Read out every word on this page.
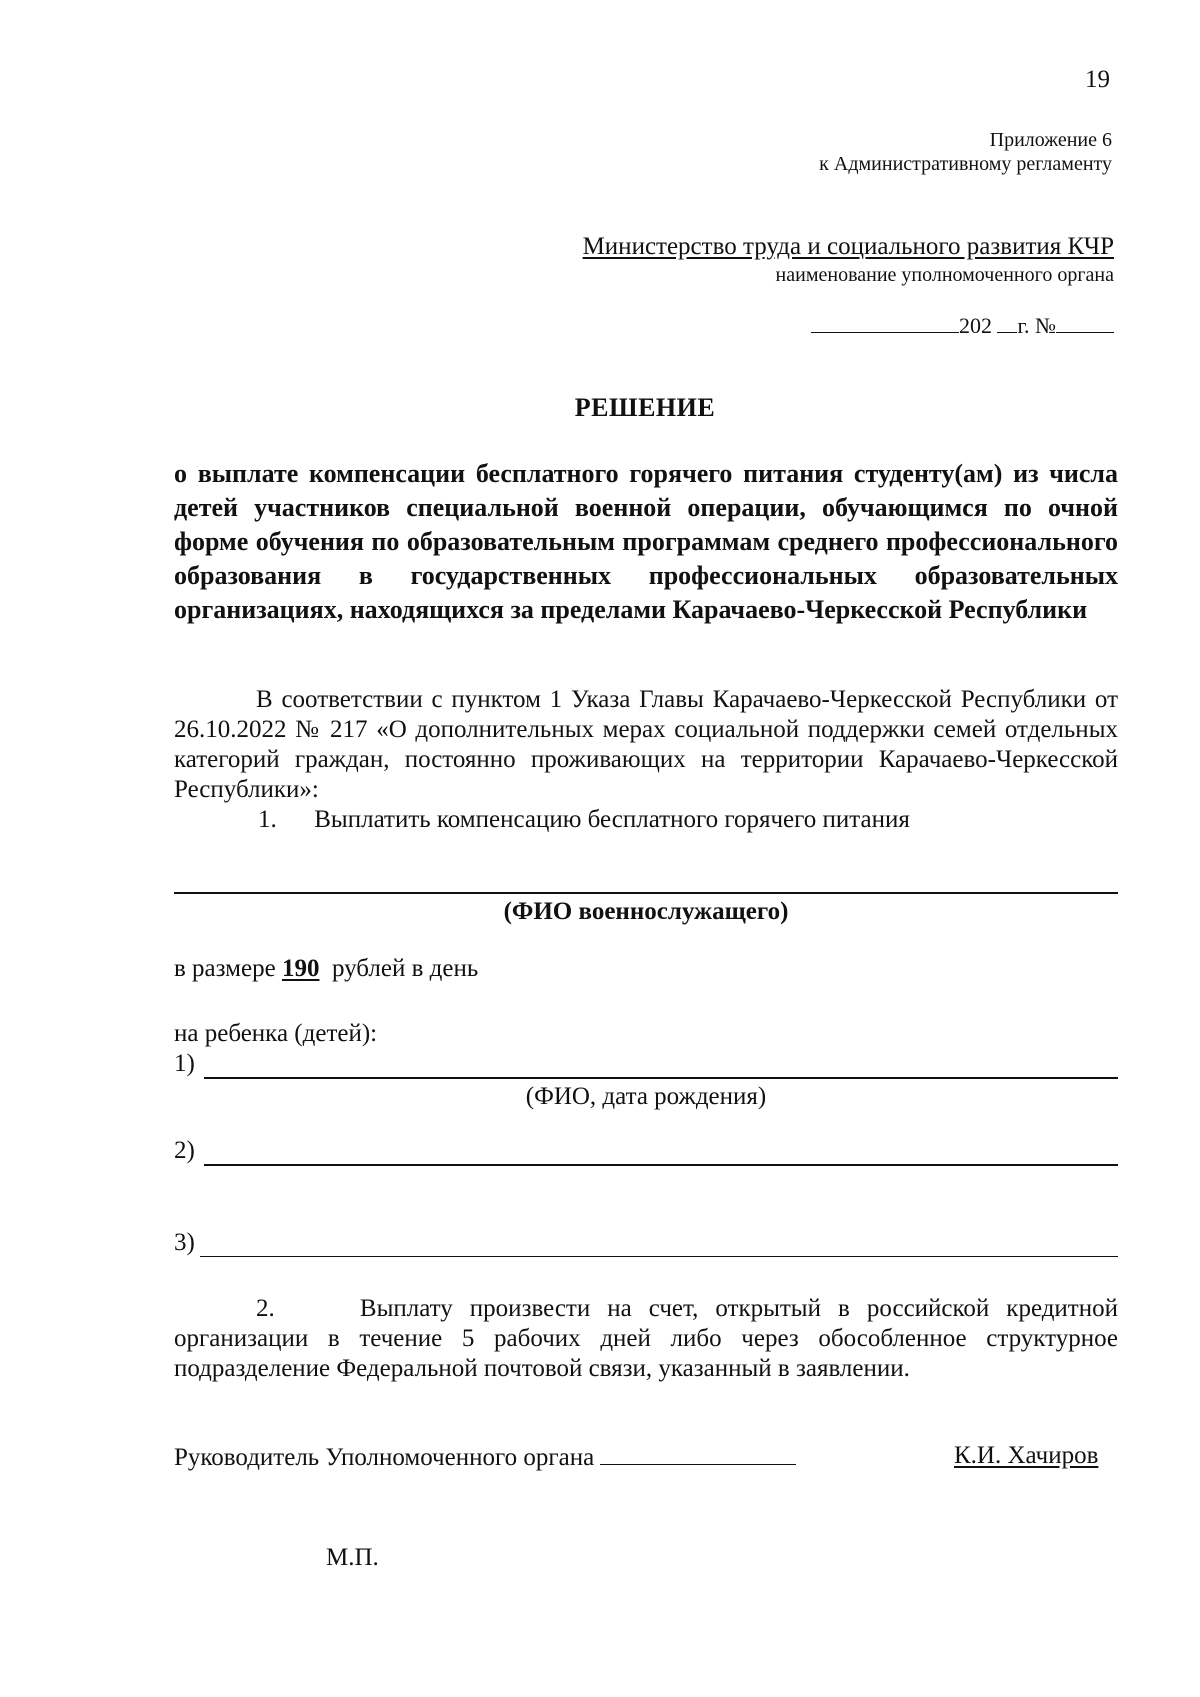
19
Приложение 6
к Административному регламенту
Министерство труда и социального развития КЧР
наименование уполномоченного органа
202 г. №
РЕШЕНИЕ
о выплате компенсации бесплатного горячего питания студенту(ам) из числа детей участников специальной военной операции, обучающимся по очной форме обучения по образовательным программам среднего профессионального образования в государственных профессиональных образовательных организациях, находящихся за пределами Карачаево-Черкесской Республики
В соответствии с пунктом 1 Указа Главы Карачаево-Черкесской Республики от 26.10.2022 № 217 «О дополнительных мерах социальной поддержки семей отдельных категорий граждан, постоянно проживающих на территории Карачаево-Черкесской Республики»:
1. Выплатить компенсацию бесплатного горячего питания
(ФИО военнослужащего)
в размере 190 рублей в день
на ребенка (детей):
1)
(ФИО, дата рождения)
2)
3)
2.	Выплату произвести на счет, открытый в российской кредитной организации в течение 5 рабочих дней либо через обособленное структурное подразделение Федеральной почтовой связи, указанный в заявлении.
Руководитель Уполномоченного органа	К.И. Хачиров
М.П.
